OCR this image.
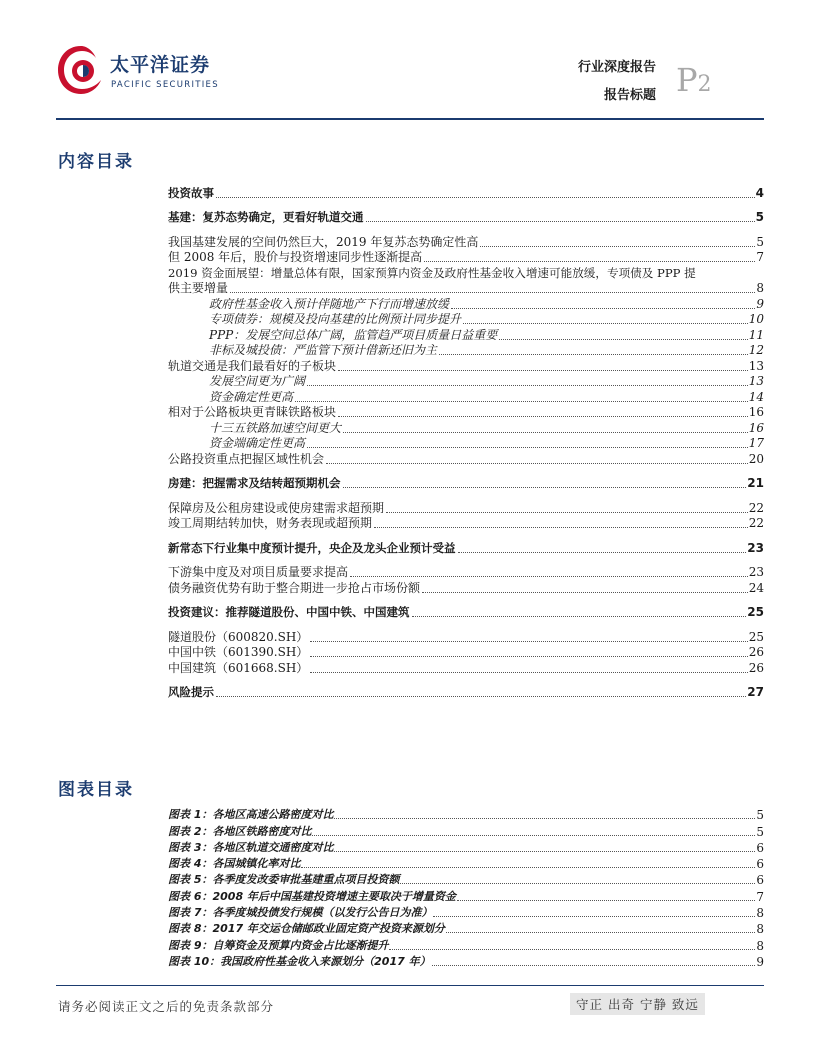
太平洋证券
PACIFIC SECURITIES
行业深度报告
报告标题 P2
内容目录
投资故事	4
基建：复苏态势确定，更看好轨道交通	5
我国基建发展的空间仍然巨大，2019 年复苏态势确定性高	5
但 2008 年后，股价与投资增速同步性逐渐提高	7
2019 资金面展望：增量总体有限，国家预算内资金及政府性基金收入增速可能放缓，专项债及 PPP 提
供主要增量	8
政府性基金收入预计伴随地产下行而增速放缓	9
专项债券：规模及投向基建的比例预计同步提升	10
PPP：发展空间总体广阔，监管趋严项目质量日益重要	11
非标及城投债：严监管下预计借新还旧为主	12
轨道交通是我们最看好的子板块	13
发展空间更为广阔	13
资金确定性更高	14
相对于公路板块更青睐铁路板块	16
十三五铁路加速空间更大	16
资金端确定性更高	17
公路投资重点把握区域性机会	20
房建：把握需求及结转超预期机会	21
保障房及公租房建设或使房建需求超预期	22
竣工周期结转加快，财务表现或超预期	22
新常态下行业集中度预计提升，央企及龙头企业预计受益	23
下游集中度及对项目质量要求提高	23
债务融资优势有助于整合期进一步抢占市场份额	24
投资建议：推荐隧道股份、中国中铁、中国建筑	25
隧道股份（600820.SH）	25
中国中铁（601390.SH）	26
中国建筑（601668.SH）	26
风险提示	27
图表目录
图表 1：各地区高速公路密度对比	5
图表 2：各地区铁路密度对比	5
图表 3：各地区轨道交通密度对比	6
图表 4：各国城镇化率对比	6
图表 5：各季度发改委审批基建重点项目投资额	6
图表 6：2008 年后中国基建投资增速主要取决于增量资金	7
图表 7：各季度城投债发行规模（以发行公告日为准）	8
图表 8：2017 年交运仓储邮政业固定资产投资来源划分	8
图表 9：自筹资金及预算内资金占比逐渐提升	8
图表 10：我国政府性基金收入来源划分（2017 年）	9
请务必阅读正文之后的免责条款部分	守正 出奇 宁静 致远
